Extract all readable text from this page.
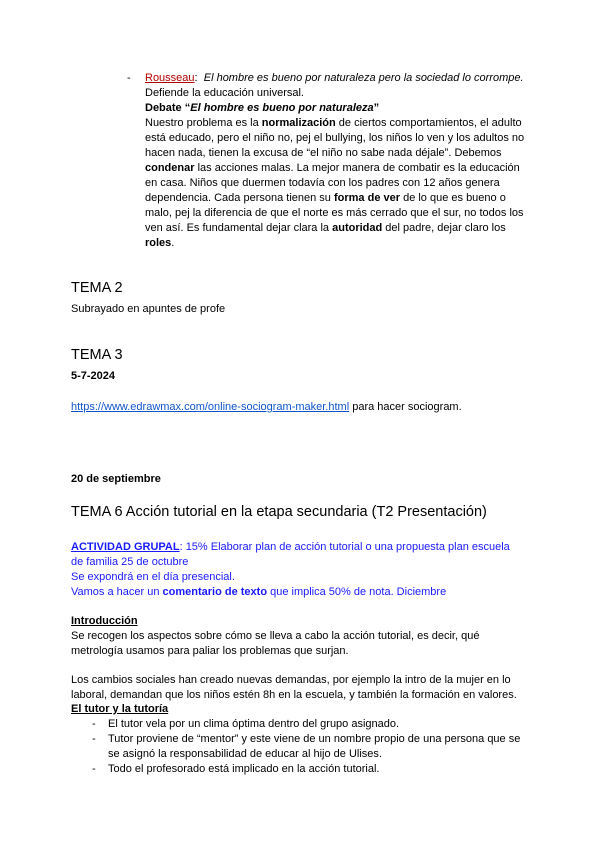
- Rousseau: El hombre es bueno por naturaleza pero la sociedad lo corrompe.
Defiende la educación universal.
Debate “El hombre es bueno por naturaleza”
Nuestro problema es la normalización de ciertos comportamientos, el adulto
está educado, pero el niño no, pej el bullying, los niños lo ven y los adultos no
hacen nada, tienen la excusa de “el niño no sabe nada déjale”. Debemos
condenar las acciones malas. La mejor manera de combatir es la educación
en casa. Niños que duermen todavía con los padres con 12 años genera
dependencia. Cada persona tienen su forma de ver de lo que es bueno o
malo, pej la diferencia de que el norte es más cerrado que el sur, no todos los
ven así. Es fundamental dejar clara la autoridad del padre, dejar claro los
roles.
TEMA 2
Subrayado en apuntes de profe
TEMA 3
5-7-2024
https://www.edrawmax.com/online-sociogram-maker.html para hacer sociogram.
20 de septiembre
TEMA 6 Acción tutorial en la etapa secundaria (T2 Presentación)
ACTIVIDAD GRUPAL: 15% Elaborar plan de acción tutorial o una propuesta plan escuela
de familia 25 de octubre
Se expondrá en el día presencial.
Vamos a hacer un comentario de texto que implica 50% de nota. Diciembre
Introducción
Se recogen los aspectos sobre cómo se lleva a cabo la acción tutorial, es decir, qué
metrología usamos para paliar los problemas que surjan.
Los cambios sociales han creado nuevas demandas, por ejemplo la intro de la mujer en lo
laboral, demandan que los niños estén 8h en la escuela, y también la formación en valores.
El tutor y la tutoría
- El tutor vela por un clima óptima dentro del grupo asignado.
- Tutor proviene de “mentor” y este viene de un nombre propio de una persona que se
se asignó la responsabilidad de educar al hijo de Ulises.
- Todo el profesorado está implicado en la acción tutorial.
